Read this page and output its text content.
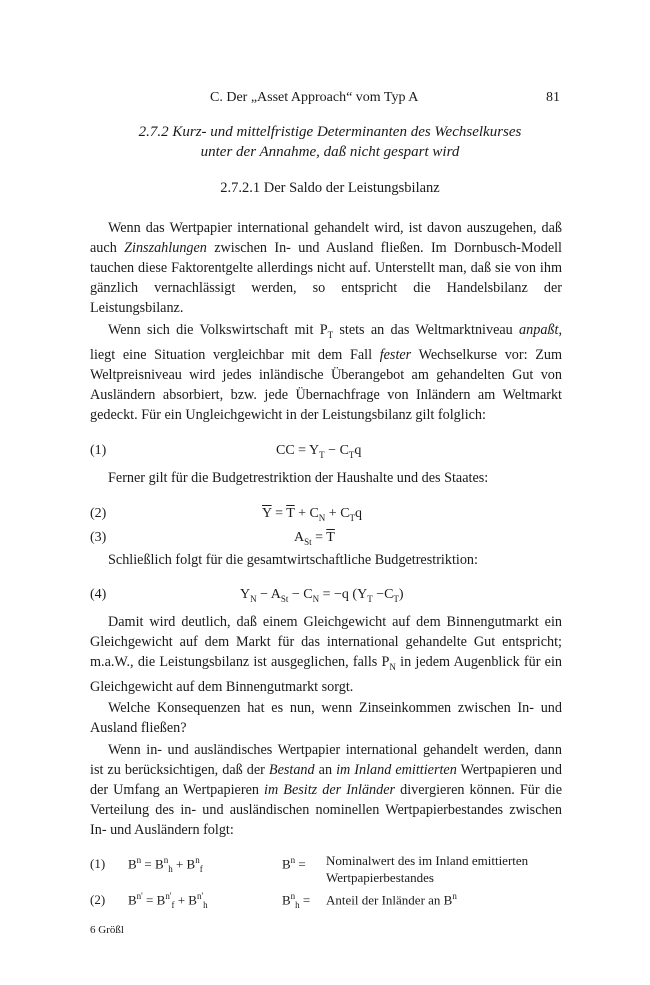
C. Der „Asset Approach“ vom Typ A	81
2.7.2 Kurz- und mittelfristige Determinanten des Wechselkurses
unter der Annahme, daß nicht gespart wird
2.7.2.1 Der Saldo der Leistungsbilanz
Wenn das Wertpapier international gehandelt wird, ist davon auszugehen, daß auch Zinszahlungen zwischen In- und Ausland fließen. Im Dornbusch-Modell tauchen diese Faktorentgelte allerdings nicht auf. Unterstellt man, daß sie von ihm gänzlich vernachlässigt werden, so entspricht die Handelsbilanz der Leistungsbilanz.
Wenn sich die Volkswirtschaft mit $P_T$ stets an das Weltmarktniveau anpaßt, liegt eine Situation vergleichbar mit dem Fall fester Wechselkurse vor: Zum Weltpreisniveau wird jedes inländische Überangebot am gehandelten Gut von Ausländern absorbiert, bzw. jede Übernachfrage von Inländern am Weltmarkt gedeckt. Für ein Ungleichgewicht in der Leistungsbilanz gilt folglich:
(1)	CC = $Y_T - C_Tq$
Ferner gilt für die Budgetrestriktion der Haushalte und des Staates:
(2)	$\overline{Y} = \overline{T} + C_N + C_Tq$
(3)	$A_{St} = \overline{T}$
Schließlich folgt für die gesamtwirtschaftliche Budgetrestriktion:
(4)	$Y_N - A_{St} - C_N = -q$ $(Y_T -C_T)$
Damit wird deutlich, daß einem Gleichgewicht auf dem Binnengutmarkt ein Gleichgewicht auf dem Markt für das international gehandelte Gut entspricht; m.a.W., die Leistungsbilanz ist ausgeglichen, falls $P_N$ in jedem Augenblick für ein Gleichgewicht auf dem Binnengutmarkt sorgt.
Welche Konsequenzen hat es nun, wenn Zinseinkommen zwischen In- und Ausland fließen?
Wenn in- und ausländisches Wertpapier international gehandelt werden, dann ist zu berücksichtigen, daß der Bestand an im Inland emittierten Wertpapieren und der Umfang an Wertpapieren im Besitz der Inländer divergieren können. Für die Verteilung des in- und ausländischen nominellen Wertpapierbestandes zwischen In- und Ausländern folgt:
(1) $B^n = B^n_h + B^n_f$	$B^n$ = Nominalwert des im Inland emittierten Wertpapierbestandes
(2) $B^{n'} = B^{n'}_f + B^{n'}_h$	$B^n_h$ = Anteil der Inländer an $B^n$
6 Größl
